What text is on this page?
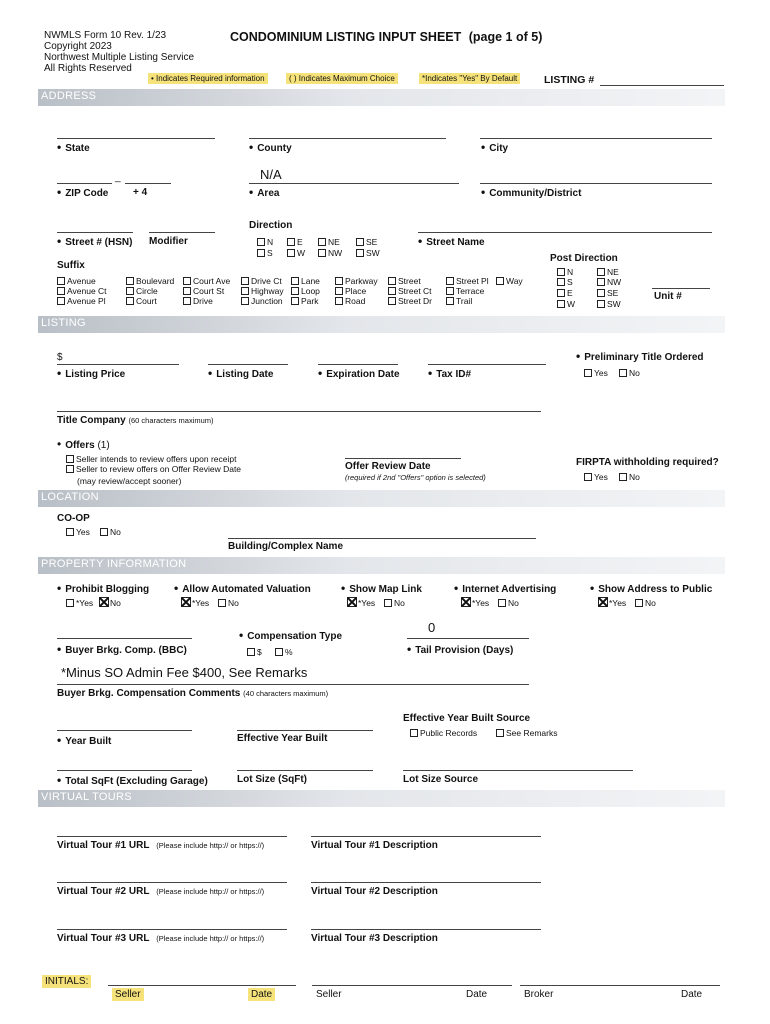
NWMLS Form 10 Rev. 1/23
Copyright 2023
Northwest Multiple Listing Service
All Rights Reserved
CONDOMINIUM LISTING INPUT SHEET (page 1 of 5)
• Indicates Required information	( ) Indicates Maximum Choice	*Indicates "Yes" By Default	LISTING #
ADDRESS
• State	• County	• City
N/A
_
• ZIP Code + 4	• Area	• Community/District
Direction
• Street # (HSN) Modifier	• Street Name
N	E	NE	SE
S	W	NW	SW	Post Direction
N	NE
S	NW
E	SE
W	SW
Suffix
Avenue	Boulevard	Court Ave	Drive Ct	Lane	Parkway	Street	Street Pl	Way
Avenue Ct	Circle	Court St	Highway	Loop	Place	Street Ct	Terrace
Avenue Pl	Court	Drive	Junction	Park	Road	Street Dr	Trail	Unit #
LISTING
$
• Listing Price	• Listing Date	• Expiration Date	• Tax ID#
• Preliminary Title Ordered
Yes	No
Title Company (60 characters maximum)
• Offers (1)
Seller intends to review offers upon receipt
Seller to review offers on Offer Review Date
(may review/accept sooner)
Offer Review Date
(required if 2nd "Offers" option is selected)
FIRPTA withholding required?
Yes	No
LOCATION
CO-OP
Yes	No
Building/Complex Name
PROPERTY INFORMATION
• Prohibit Blogging	• Allow Automated Valuation	• Show Map Link	• Internet Advertising	• Show Address to Public
*Yes	No	*Yes	No	*Yes	No	*Yes	No	*Yes	No
0
• Compensation Type
$	%
• Buyer Brkg. Comp. (BBC)	• Tail Provision (Days)
*Minus SO Admin Fee $400, See Remarks
Buyer Brkg. Compensation Comments (40 characters maximum)
Effective Year Built Source
Public Records	See Remarks
• Year Built	Effective Year Built
• Total SqFt (Excluding Garage)	Lot Size (SqFt)	Lot Size Source
VIRTUAL TOURS
Virtual Tour #1 URL (Please include http:// or https://)	Virtual Tour #1 Description
Virtual Tour #2 URL (Please include http:// or https://)	Virtual Tour #2 Description
Virtual Tour #3 URL (Please include http:// or https://)	Virtual Tour #3 Description
INITIALS:
Seller	Date	Seller	Date	Broker	Date
